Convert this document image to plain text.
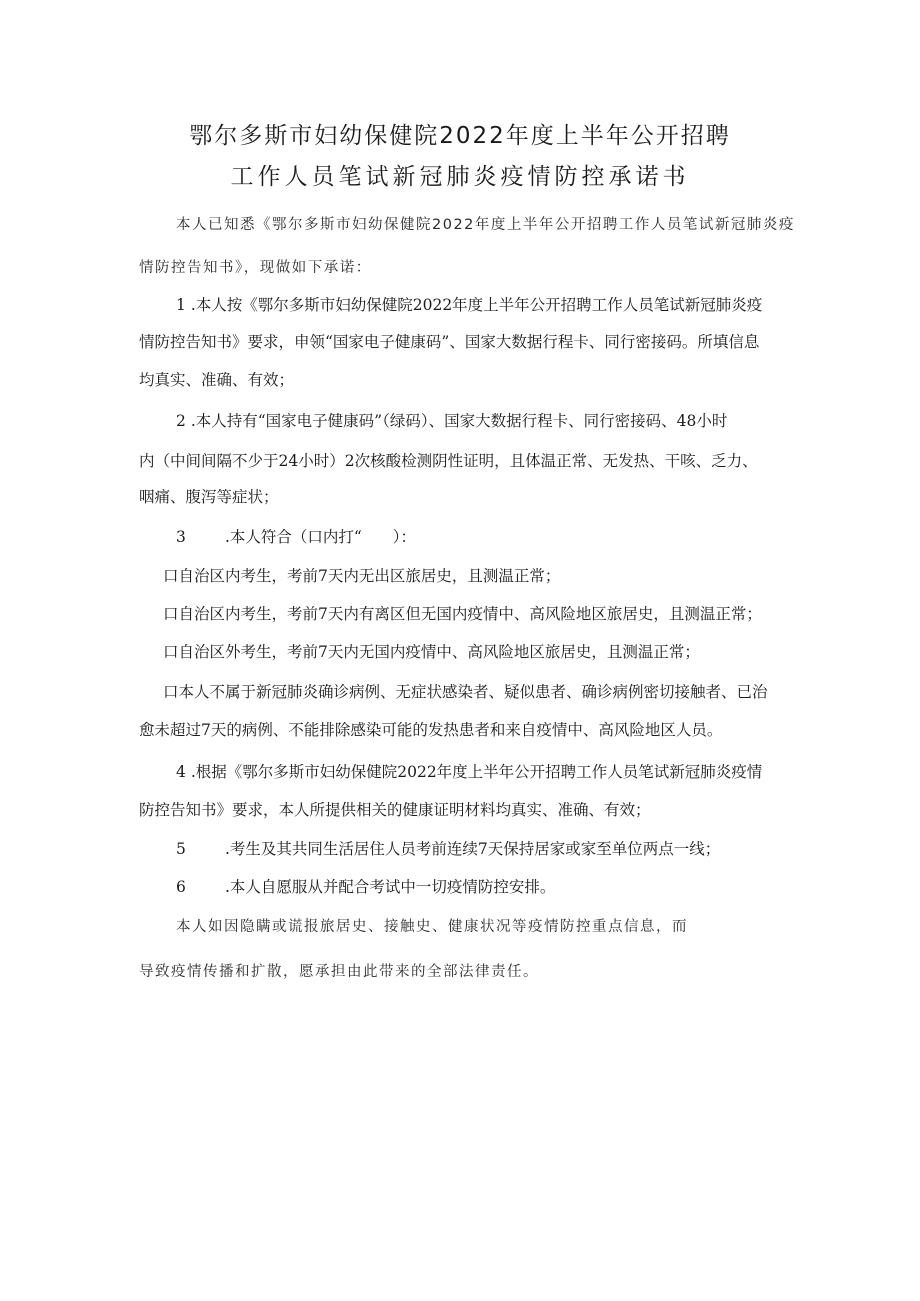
鄂尔多斯市妇幼保健院2022年度上半年公开招聘
工作人员笔试新冠肺炎疫情防控承诺书
本人已知悉《鄂尔多斯市妇幼保健院2022年度上半年公开招聘工作人员笔试新冠肺炎疫
情防控告知书》，现做如下承诺：
1 .本人按《鄂尔多斯市妇幼保健院2022年度上半年公开招聘工作人员笔试新冠肺炎疫
情防控告知书》要求，申领“国家电子健康码”、国家大数据行程卡、同行密接码。所填信息
均真实、准确、有效；
2 .本人持有“国家电子健康码”（绿码）、国家大数据行程卡、同行密接码、48小时
内（中间间隔不少于24小时）2次核酸检测阴性证明，且体温正常、无发热、干咳、乏力、
咽痛、腹泻等症状；
3	.本人符合（口内打“　　）：
口自治区内考生，考前7天内无出区旅居史，且测温正常；
口自治区内考生，考前7天内有离区但无国内疫情中、高风险地区旅居史，且测温正常；
口自治区外考生，考前7天内无国内疫情中、高风险地区旅居史，且测温正常；
口本人不属于新冠肺炎确诊病例、无症状感染者、疑似患者、确诊病例密切接触者、已治
愈未超过7天的病例、不能排除感染可能的发热患者和来自疫情中、高风险地区人员。
4 .根据《鄂尔多斯市妇幼保健院2022年度上半年公开招聘工作人员笔试新冠肺炎疫情
防控告知书》要求，本人所提供相关的健康证明材料均真实、准确、有效；
5	.考生及其共同生活居住人员考前连续7天保持居家或家至单位两点一线；
6	.本人自愿服从并配合考试中一切疫情防控安排。
本人如因隐瞒或谎报旅居史、接触史、健康状况等疫情防控重点信息，而
导致疫情传播和扩散，愿承担由此带来的全部法律责任。
